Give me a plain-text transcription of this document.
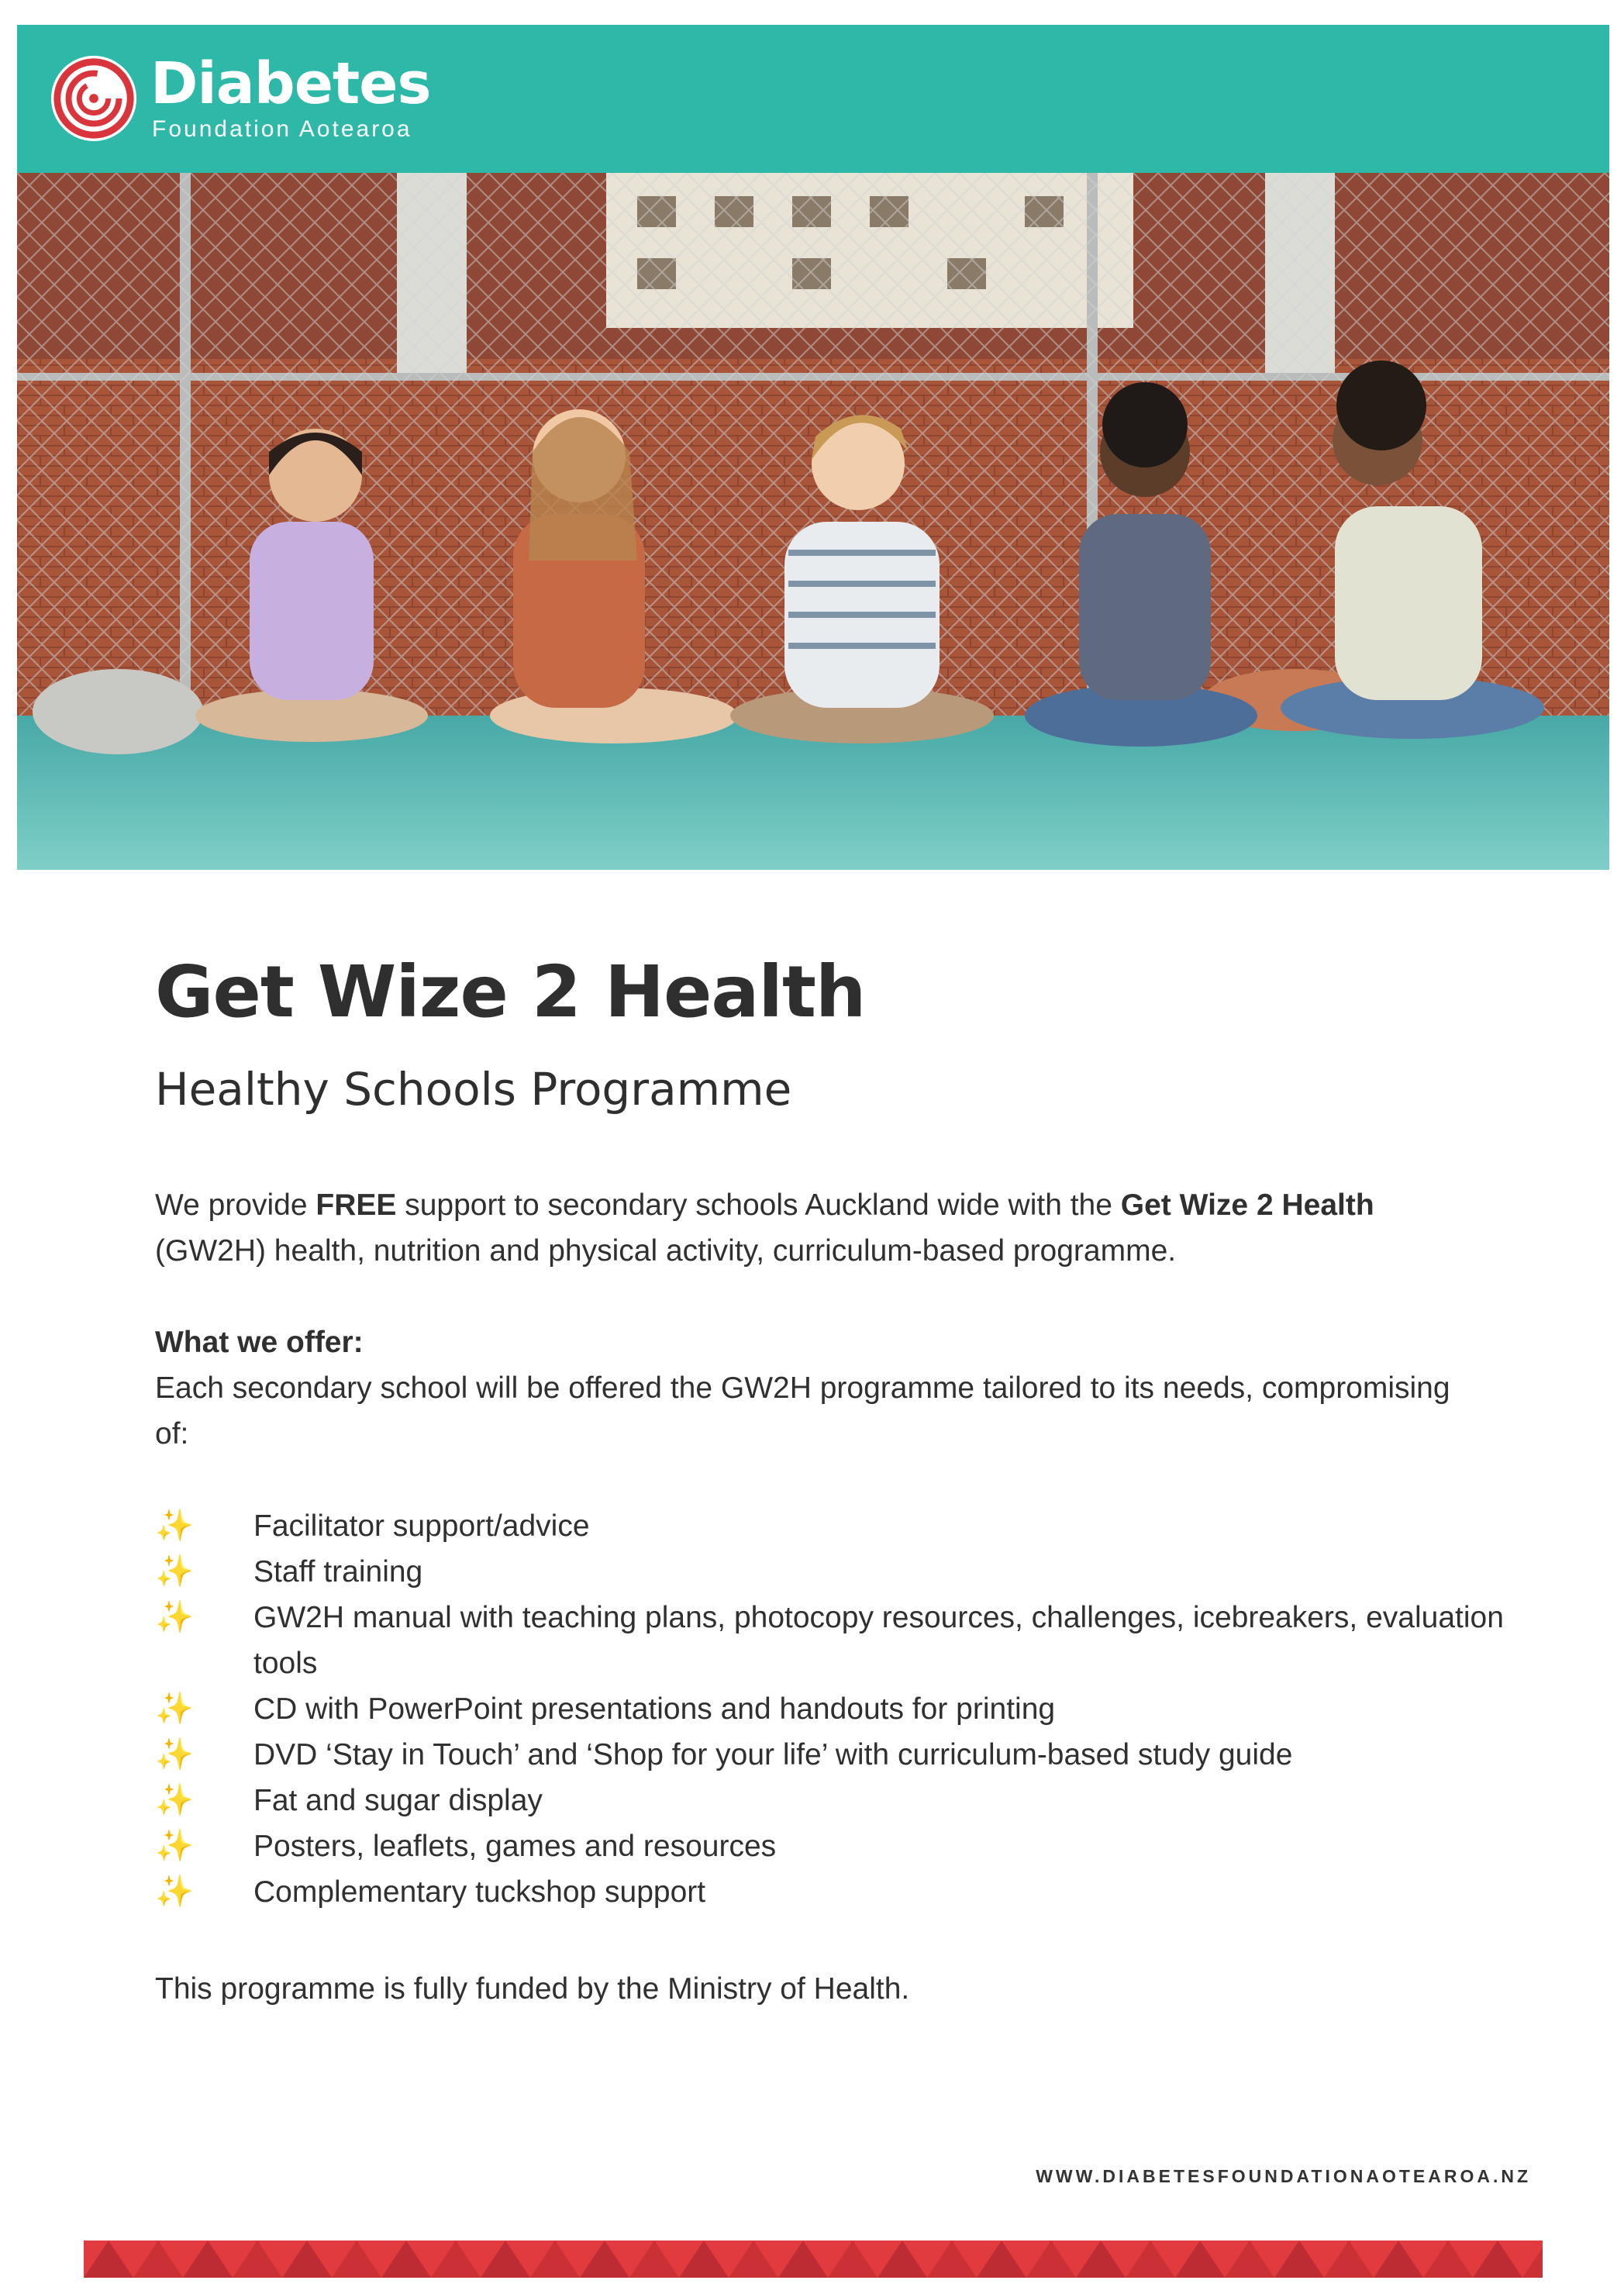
Diabetes
Foundation Aotearoa
Get Wize 2 Health
Healthy Schools Programme
We provide FREE support to secondary schools Auckland wide with the Get Wize 2 Health (GW2H) health, nutrition and physical activity, curriculum-based programme.
What we offer:
Each secondary school will be offered the GW2H programme tailored to its needs, compromising of:
✨ Facilitator support/advice
✨ Staff training
✨ GW2H manual with teaching plans, photocopy resources, challenges, icebreakers, evaluation tools
✨ CD with PowerPoint presentations and handouts for printing
✨ DVD ‘Stay in Touch’ and ‘Shop for your life’ with curriculum-based study guide
✨ Fat and sugar display
✨ Posters, leaflets, games and resources
✨ Complementary tuckshop support
This programme is fully funded by the Ministry of Health.
WWW.DIABETESFOUNDATIONAOTEAROA.NZ
